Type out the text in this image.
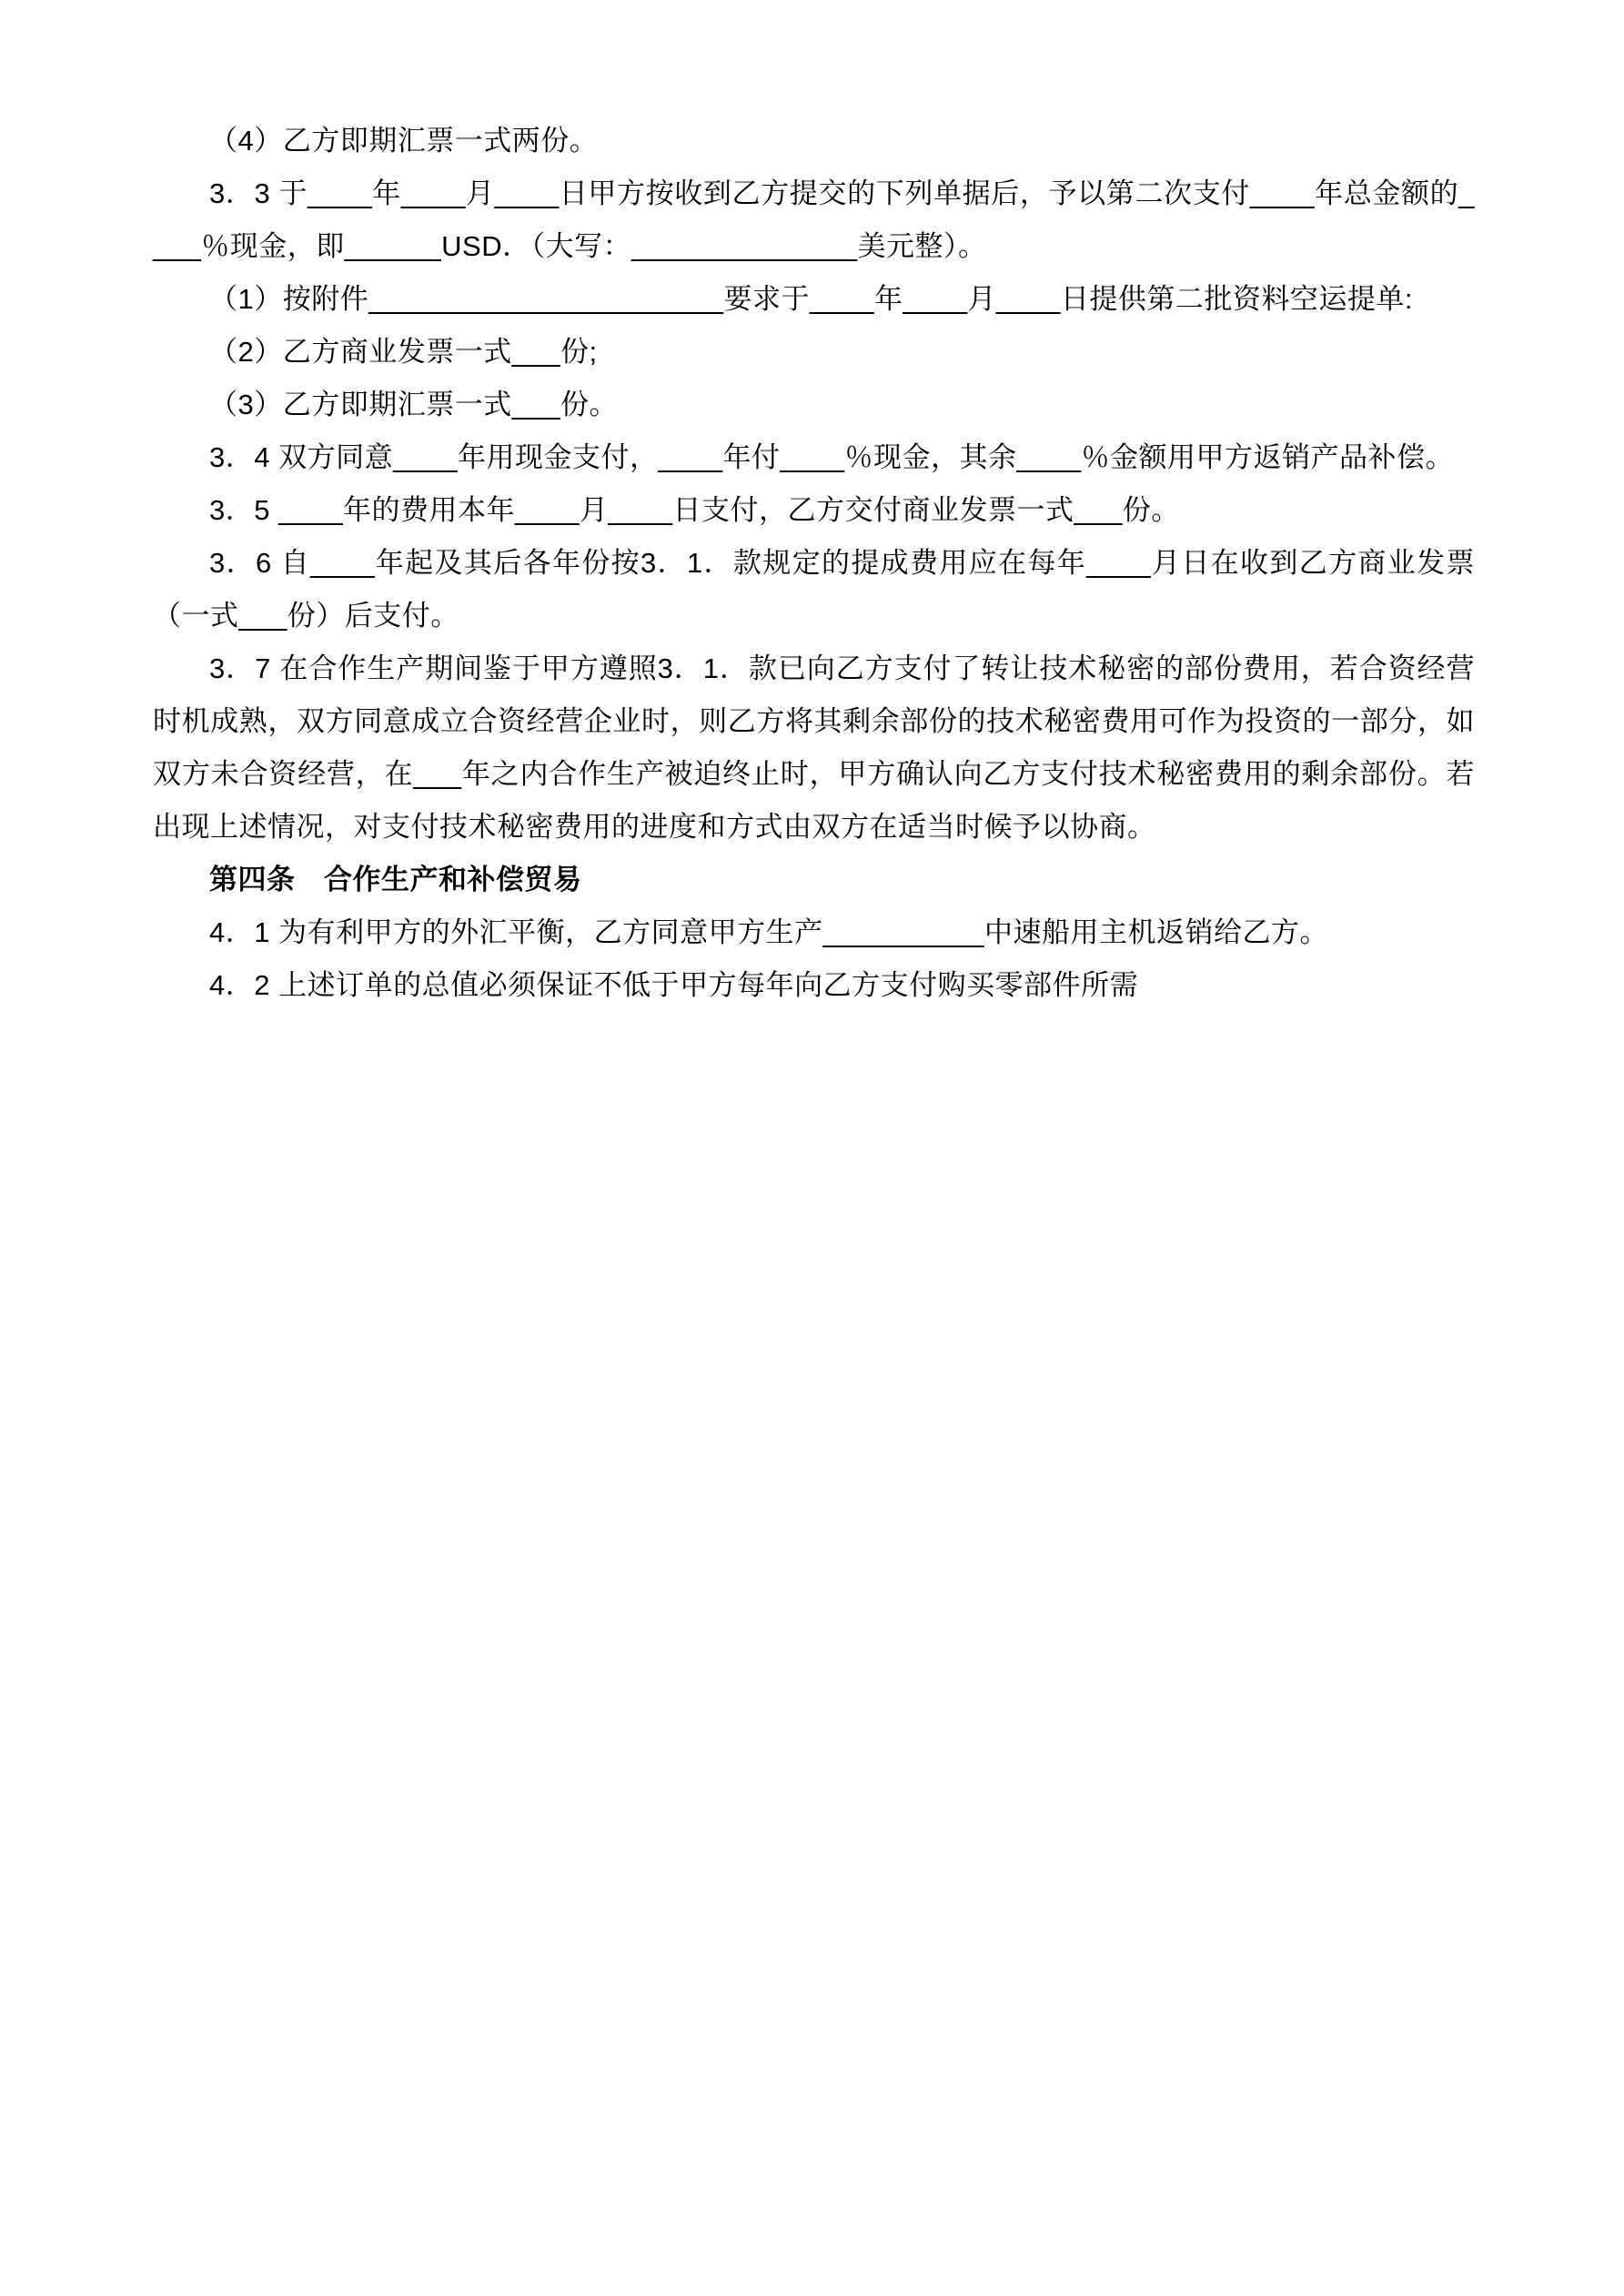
（4）乙方即期汇票一式两份。

3．3 于____年____月____日甲方按收到乙方提交的下列单据后，予以第二次支付____年总金额的____％现金，即______USD．（大写：______________美元整）。

（1）按附件______________________要求于____年____月____日提供第二批资料空运提单:

（2）乙方商业发票一式___份;

（3）乙方即期汇票一式___份。

3．4 双方同意____年用现金支付，____年付____％现金，其余____％金额用甲方返销产品补偿。

3．5 ____年的费用本年____月____日支付，乙方交付商业发票一式___份。

3．6 自____年起及其后各年份按3．1．款规定的提成费用应在每年____月日在收到乙方商业发票（一式___份）后支付。

3．7 在合作生产期间鉴于甲方遵照3．1．款已向乙方支付了转让技术秘密的部份费用，若合资经营时机成熟，双方同意成立合资经营企业时，则乙方将其剩余部份的技术秘密费用可作为投资的一部分，如双方未合资经营，在___年之内合作生产被迫终止时，甲方确认向乙方支付技术秘密费用的剩余部份。若出现上述情况，对支付技术秘密费用的进度和方式由双方在适当时候予以协商。

第四条　合作生产和补偿贸易

4．1 为有利甲方的外汇平衡，乙方同意甲方生产__________中速船用主机返销给乙方。

4．2 上述订单的总值必须保证不低于甲方每年向乙方支付购买零部件所需
